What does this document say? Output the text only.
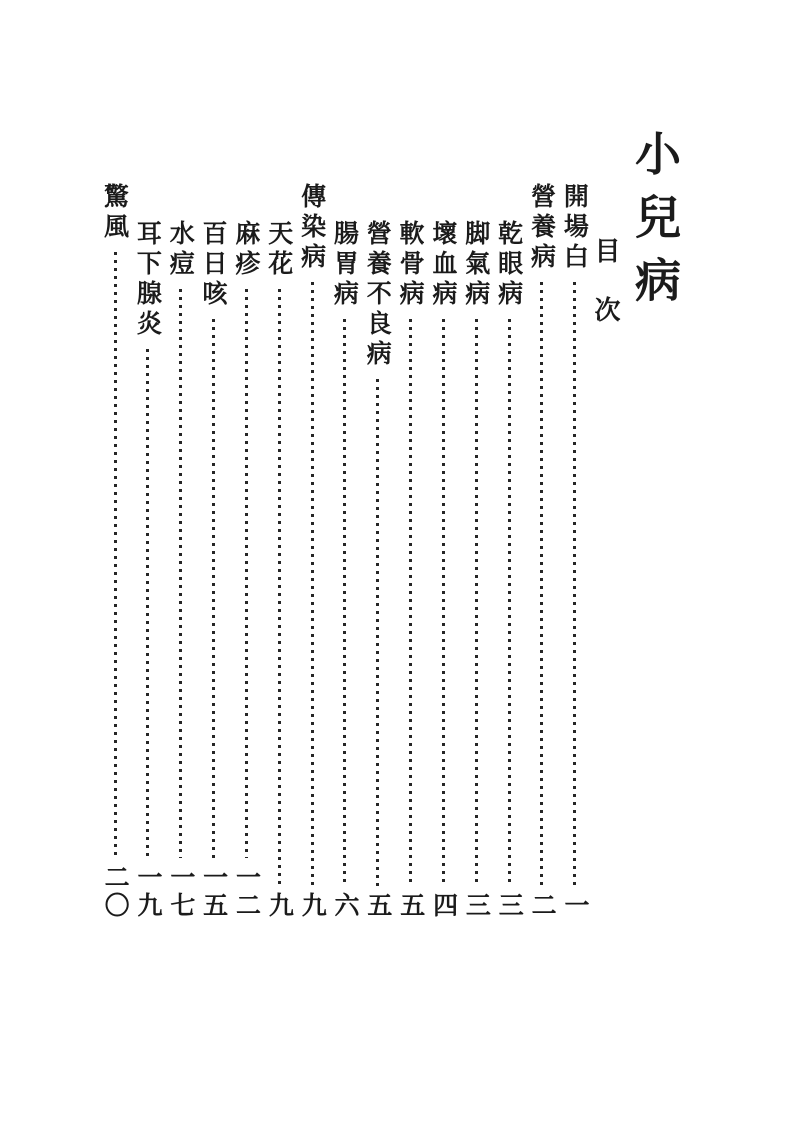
小兒病
目次
開場白
一
營養病
二
乾眼病
三
脚氣病
三
壞血病
四
軟骨病
五
營養不良病
五
腸胃病
六
傳染病
九
天花
九
麻疹
一二
百日咳
一五
水痘
一七
耳下腺炎
一九
驚風
二〇
